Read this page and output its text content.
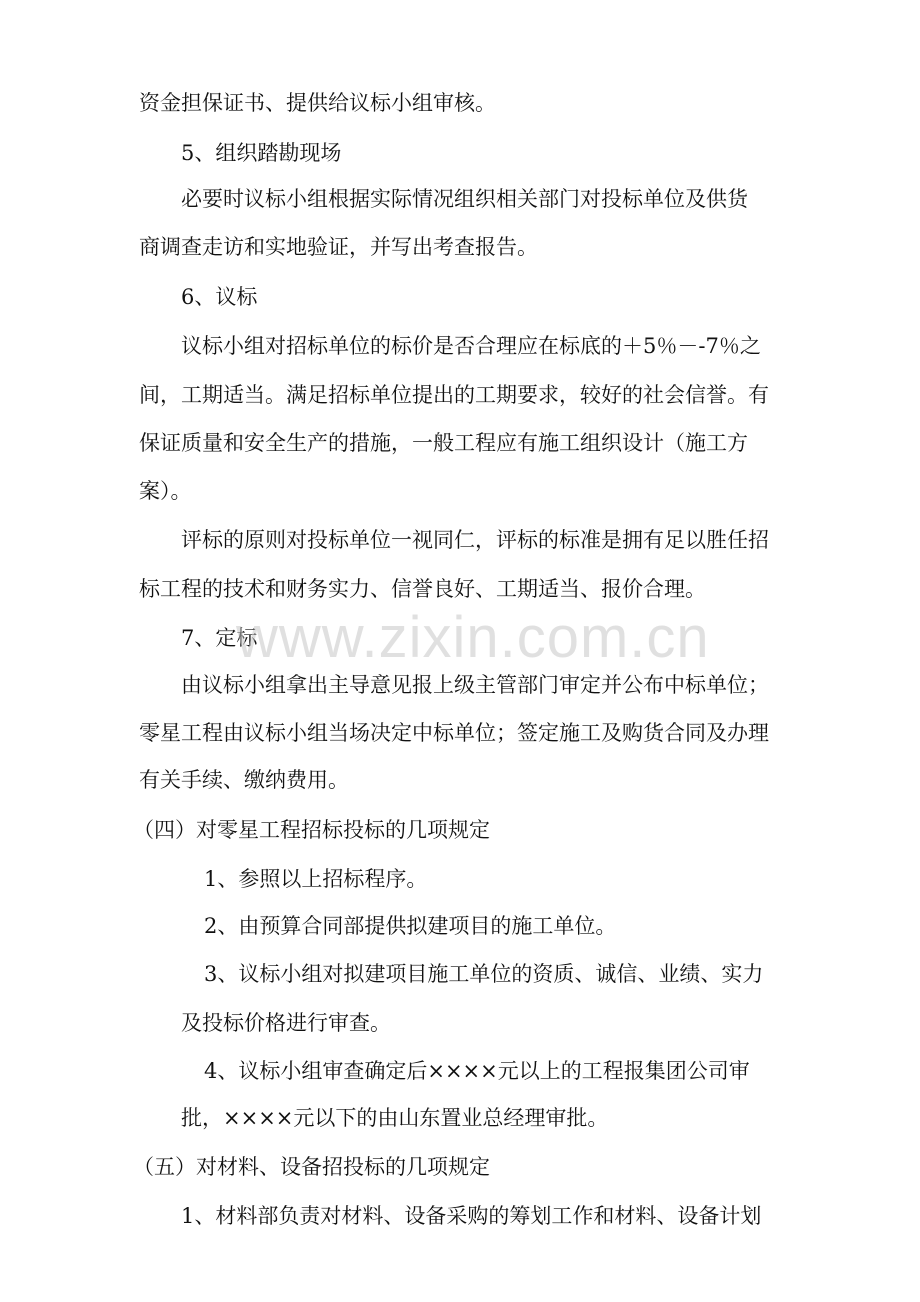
资金担保证书、提供给议标小组审核。
5、组织踏勘现场
必要时议标小组根据实际情况组织相关部门对投标单位及供货
商调查走访和实地验证，并写出考查报告。
6、议标
议标小组对招标单位的标价是否合理应在标底的＋5％－-7％之
间，工期适当。满足招标单位提出的工期要求，较好的社会信誉。有
保证质量和安全生产的措施，一般工程应有施工组织设计（施工方
案）。
评标的原则对投标单位一视同仁，评标的标准是拥有足以胜任招
标工程的技术和财务实力、信誉良好、工期适当、报价合理。
7、定标
由议标小组拿出主导意见报上级主管部门审定并公布中标单位；
零星工程由议标小组当场决定中标单位；签定施工及购货合同及办理
有关手续、缴纳费用。
（四）对零星工程招标投标的几项规定
1、参照以上招标程序。
2、由预算合同部提供拟建项目的施工单位。
3、议标小组对拟建项目施工单位的资质、诚信、业绩、实力
及投标价格进行审查。
4、议标小组审查确定后××××元以上的工程报集团公司审
批，××××元以下的由山东置业总经理审批。
（五）对材料、设备招投标的几项规定
1、材料部负责对材料、设备采购的筹划工作和材料、设备计划
www.zixin.com.cn
